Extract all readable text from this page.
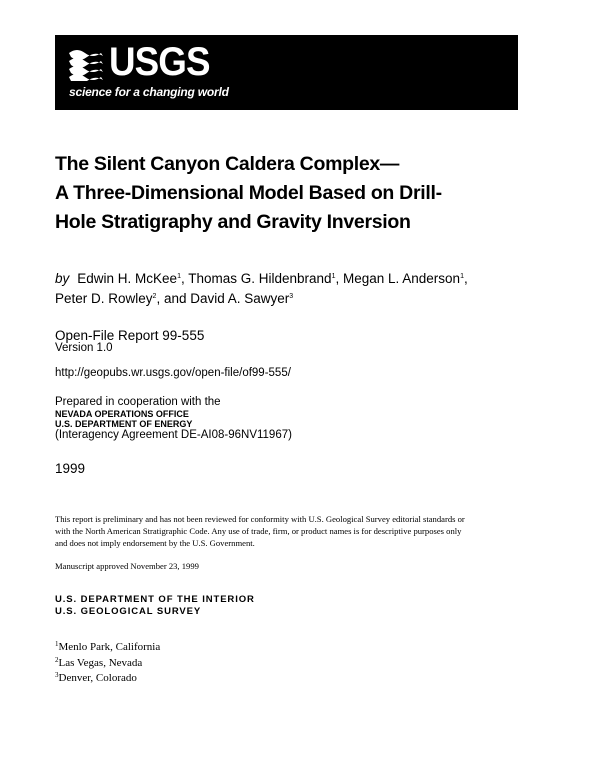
USGS
science for a changing world
The Silent Canyon Caldera Complex—
A Three-Dimensional Model Based on Drill-
Hole Stratigraphy and Gravity Inversion
by Edwin H. McKee$^1$, Thomas G. Hildenbrand$^1$, Megan L. Anderson$^1$,
Peter D. Rowley$^2$, and David A. Sawyer$^3$
Open-File Report 99-555
Version 1.0
http://geopubs.wr.usgs.gov/open-file/of99-555/
Prepared in cooperation with the
NEVADA OPERATIONS OFFICE
U.S. DEPARTMENT OF ENERGY
(Interagency Agreement DE-AI08-96NV11967)
1999
This report is preliminary and has not been reviewed for conformity with U.S. Geological Survey editorial standards or
with the North American Stratigraphic Code. Any use of trade, firm, or product names is for descriptive purposes only
and does not imply endorsement by the U.S. Government.
Manuscript approved November 23, 1999
U.S. DEPARTMENT OF THE INTERIOR
U.S. GEOLOGICAL SURVEY
$^1$Menlo Park, California
$^2$Las Vegas, Nevada
$^3$Denver, Colorado
